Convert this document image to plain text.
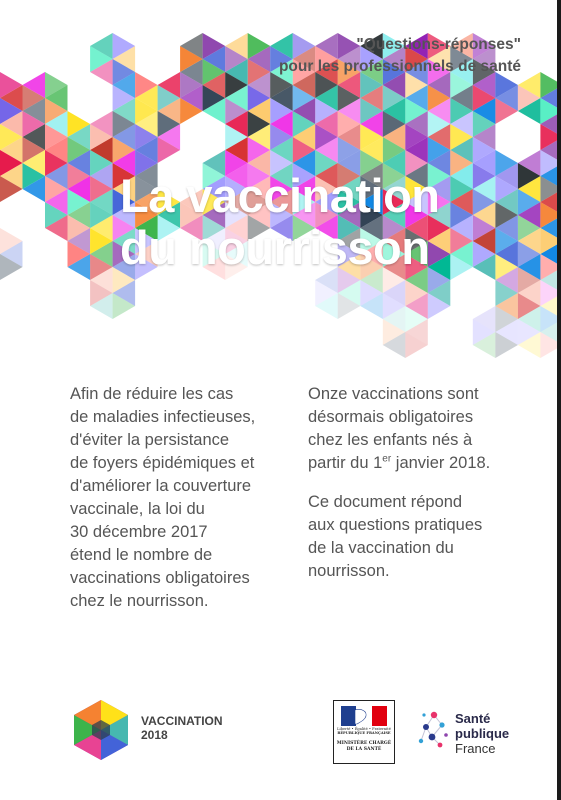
"Questions-réponses"
pour les professionnels de santé
La vaccination
du nourrisson

Afin de réduire les cas
de maladies infectieuses,
d'éviter la persistance
de foyers épidémiques et
d'améliorer la couverture
vaccinale, la loi du
30 décembre 2017
étend le nombre de
vaccinations obligatoires
chez le nourrisson.

Onze vaccinations sont
désormais obligatoires
chez les enfants nés à
partir du 1er janvier 2018.

Ce document répond
aux questions pratiques
de la vaccination du
nourrisson.

VACCINATION
2018	Liberté • Égalité • Fraternité
RÉPUBLIQUE FRANÇAISE
MINISTÈRE CHARGÉ
DE LA SANTÉ
Santé
publique
France
